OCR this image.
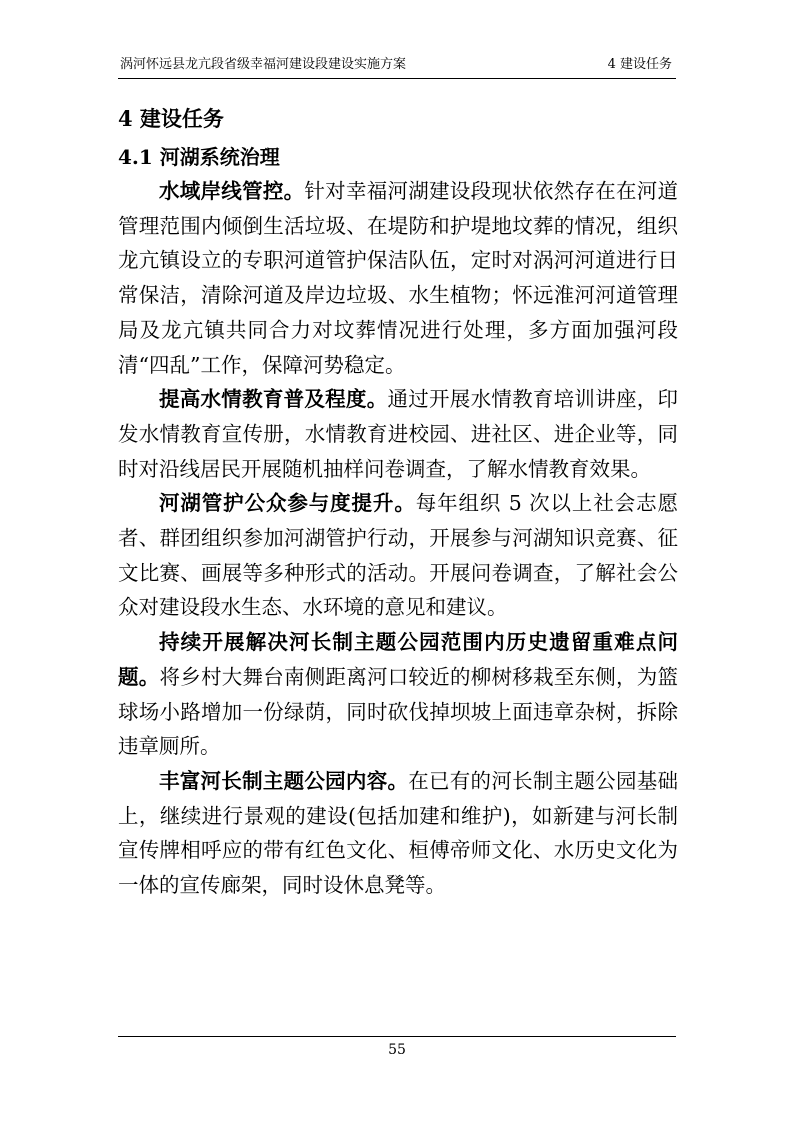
涡河怀远县龙亢段省级幸福河建设段建设实施方案	4 建设任务
4 建设任务
4.1 河湖系统治理

水域岸线管控。针对幸福河湖建设段现状依然存在在河道管理范围内倾倒生活垃圾、在堤防和护堤地坟葬的情况，组织龙亢镇设立的专职河道管护保洁队伍，定时对涡河河道进行日常保洁，清除河道及岸边垃圾、水生植物；怀远淮河河道管理局及龙亢镇共同合力对坟葬情况进行处理，多方面加强河段清“四乱”工作，保障河势稳定。

提高水情教育普及程度。通过开展水情教育培训讲座，印发水情教育宣传册，水情教育进校园、进社区、进企业等，同时对沿线居民开展随机抽样问卷调查，了解水情教育效果。

河湖管护公众参与度提升。每年组织 5 次以上社会志愿者、群团组织参加河湖管护行动，开展参与河湖知识竞赛、征文比赛、画展等多种形式的活动。开展问卷调查，了解社会公众对建设段水生态、水环境的意见和建议。

持续开展解决河长制主题公园范围内历史遗留重难点问题。将乡村大舞台南侧距离河口较近的柳树移栽至东侧，为篮球场小路增加一份绿荫，同时砍伐掉坝坡上面违章杂树，拆除违章厕所。

丰富河长制主题公园内容。在已有的河长制主题公园基础上，继续进行景观的建设(包括加建和维护)，如新建与河长制宣传牌相呼应的带有红色文化、桓傅帝师文化、水历史文化为一体的宣传廊架，同时设休息凳等。

55
